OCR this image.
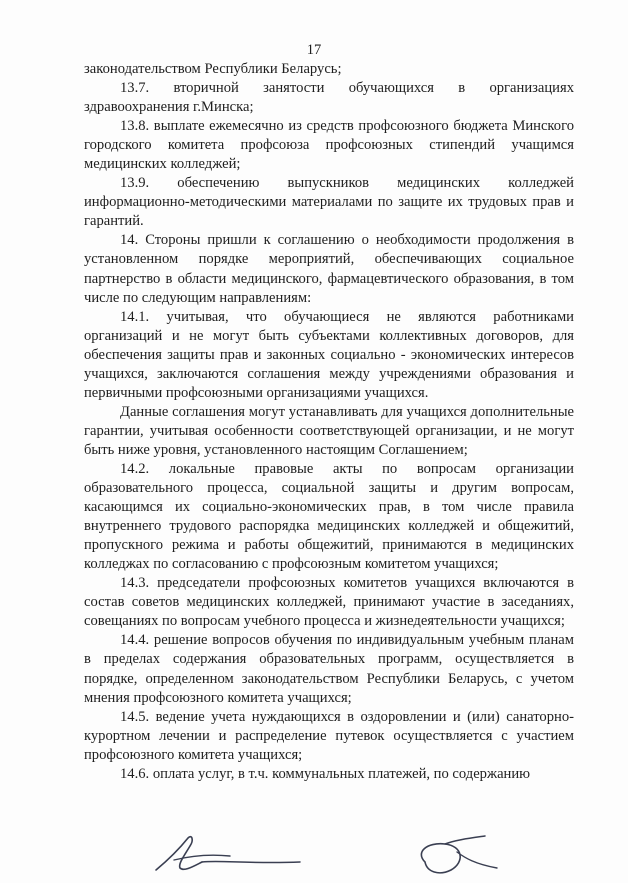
17

законодательством Республики Беларусь;

13.7. вторичной занятости обучающихся в организациях здравоохранения г.Минска;

13.8. выплате ежемесячно из средств профсоюзного бюджета Минского городского комитета профсоюза профсоюзных стипендий учащимся медицинских колледжей;

13.9. обеспечению выпускников медицинских колледжей информационно-методическими материалами по защите их трудовых прав и гарантий.

14. Стороны пришли к соглашению о необходимости продолжения в установленном порядке мероприятий, обеспечивающих социальное партнерство в области медицинского, фармацевтического образования, в том числе по следующим направлениям:

14.1. учитывая, что обучающиеся не являются работниками организаций и не могут быть субъектами коллективных договоров, для обеспечения защиты прав и законных социально - экономических интересов учащихся, заключаются соглашения между учреждениями образования и первичными профсоюзными организациями учащихся.

Данные соглашения могут устанавливать для учащихся дополнительные гарантии, учитывая особенности соответствующей организации, и не могут быть ниже уровня, установленного настоящим Соглашением;

14.2. локальные правовые акты по вопросам организации образовательного процесса, социальной защиты и другим вопросам, касающимся их социально-экономических прав, в том числе правила внутреннего трудового распорядка медицинских колледжей и общежитий, пропускного режима и работы общежитий, принимаются в медицинских колледжах по согласованию с профсоюзным комитетом учащихся;

14.3. председатели профсоюзных комитетов учащихся включаются в состав советов медицинских колледжей, принимают участие в заседаниях, совещаниях по вопросам учебного процесса и жизнедеятельности учащихся;

14.4. решение вопросов обучения по индивидуальным учебным планам в пределах содержания образовательных программ, осуществляется в порядке, определенном законодательством Республики Беларусь, с учетом мнения профсоюзного комитета учащихся;

14.5. ведение учета нуждающихся в оздоровлении и (или) санаторно-курортном лечении и распределение путевок осуществляется с участием профсоюзного комитета учащихся;

14.6. оплата услуг, в т.ч. коммунальных платежей, по содержанию
